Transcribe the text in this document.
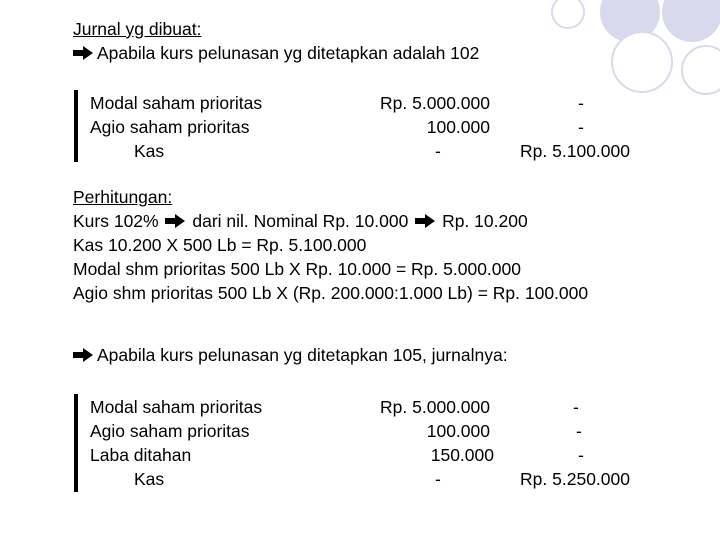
Jurnal yg dibuat:
Apabila kurs pelunasan yg ditetapkan adalah 102
Modal saham prioritas	Rp. 5.000.000	-
Agio saham prioritas	100.000	-
Kas	-	Rp. 5.100.000
Perhitungan:
Kurs 102% dari nil. Nominal Rp. 10.000 Rp. 10.200
Kas 10.200 X 500 Lb = Rp. 5.100.000
Modal shm prioritas 500 Lb X Rp. 10.000 = Rp. 5.000.000
Agio shm prioritas 500 Lb X (Rp. 200.000:1.000 Lb) = Rp. 100.000
Apabila kurs pelunasan yg ditetapkan 105, jurnalnya:
Modal saham prioritas	Rp. 5.000.000	-
Agio saham prioritas	100.000	-
Laba ditahan	150.000	-
Kas	-	Rp. 5.250.000
